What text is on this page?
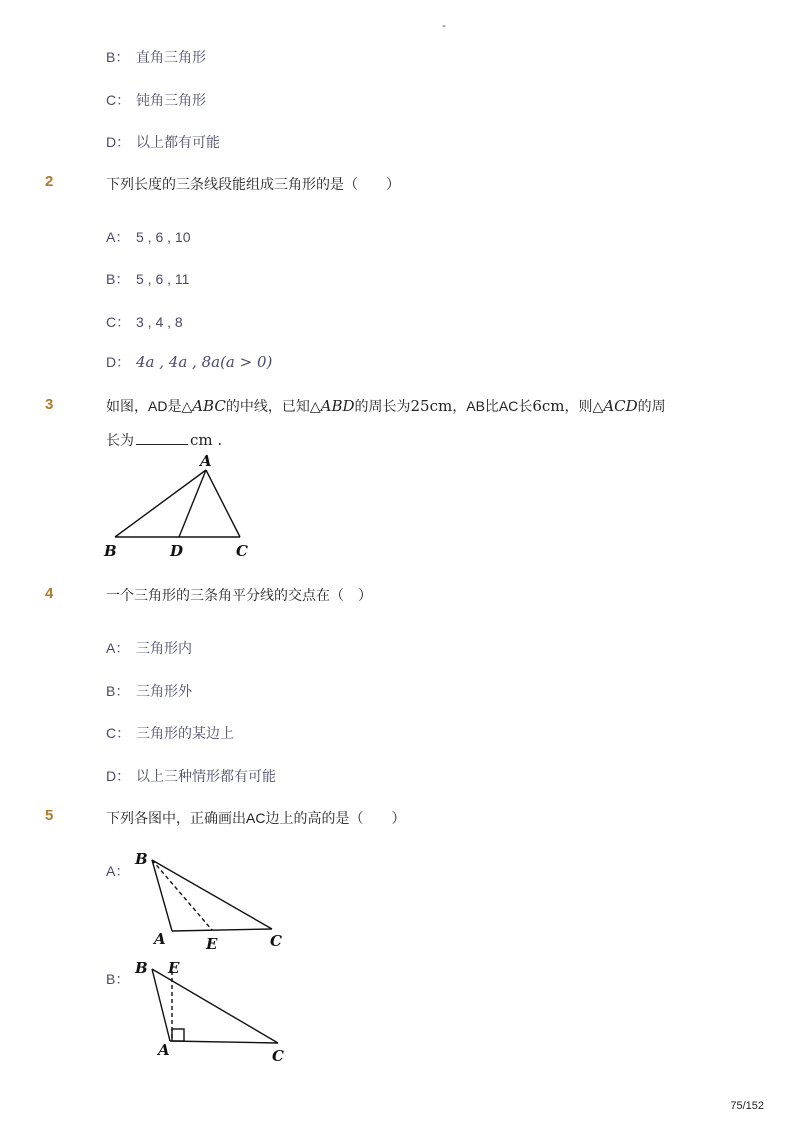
-
B： 直角三角形
C： 钝角三角形
D： 以上都有可能
2	下列长度的三条线段能组成三角形的是（　　）
A： 5 , 6 , 10
B： 5 , 6 , 11
C： 3 , 4 , 8
D： 4a , 4a , 8a(a > 0)
3	如图，AD是△ABC的中线，已知△ABD的周长为25cm，AB比AC长6cm，则△ACD的周
长为	cm .
A
B	D	C
4	一个三角形的三条角平分线的交点在（　）
A： 三角形内
B： 三角形外
C： 三角形的某边上
D： 以上三种情形都有可能
5	下列各图中，正确画出AC边上的高的是（　　）
A：
B
A	E	C
B：
B E
A	C
75/152
